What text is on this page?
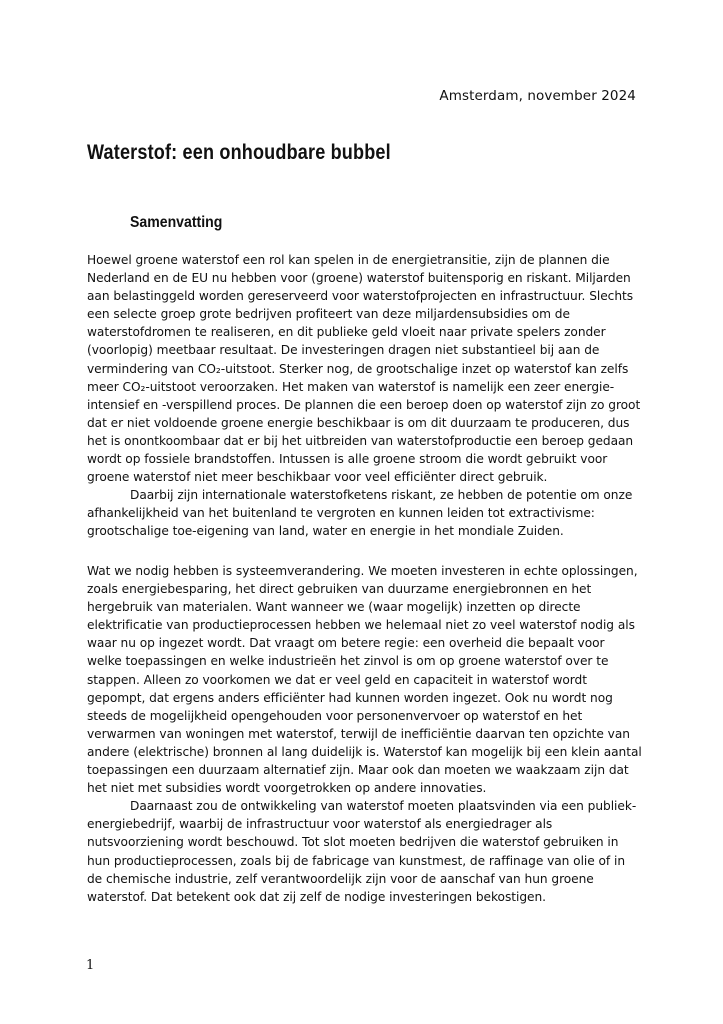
Amsterdam, november 2024
Waterstof: een onhoudbare bubbel
Samenvatting

Hoewel groene waterstof een rol kan spelen in de energietransitie, zijn de plannen die Nederland en de EU nu hebben voor (groene) waterstof buitensporig en riskant. Miljarden aan belastinggeld worden gereserveerd voor waterstofprojecten en infrastructuur. Slechts een selecte groep grote bedrijven profiteert van deze miljardensubsidies om de waterstofdromen te realiseren, en dit publieke geld vloeit naar private spelers zonder (voorlopig) meetbaar resultaat. De investeringen dragen niet substantieel bij aan de vermindering van CO₂-uitstoot. Sterker nog, de grootschalige inzet op waterstof kan zelfs meer CO₂-uitstoot veroorzaken. Het maken van waterstof is namelijk een zeer energie-intensief en -verspillend proces. De plannen die een beroep doen op waterstof zijn zo groot dat er niet voldoende groene energie beschikbaar is om dit duurzaam te produceren, dus het is onontkoombaar dat er bij het uitbreiden van waterstofproductie een beroep gedaan wordt op fossiele brandstoffen. Intussen is alle groene stroom die wordt gebruikt voor groene waterstof niet meer beschikbaar voor veel efficiënter direct gebruik.

Daarbij zijn internationale waterstofketens riskant, ze hebben de potentie om onze afhankelijkheid van het buitenland te vergroten en kunnen leiden tot extractivisme: grootschalige toe-eigening van land, water en energie in het mondiale Zuiden.

Wat we nodig hebben is systeemverandering. We moeten investeren in echte oplossingen, zoals energiebesparing, het direct gebruiken van duurzame energiebronnen en het hergebruik van materialen. Want wanneer we (waar mogelijk) inzetten op directe elektrificatie van productieprocessen hebben we helemaal niet zo veel waterstof nodig als waar nu op ingezet wordt. Dat vraagt om betere regie: een overheid die bepaalt voor welke toepassingen en welke industrieën het zinvol is om op groene waterstof over te stappen. Alleen zo voorkomen we dat er veel geld en capaciteit in waterstof wordt gepompt, dat ergens anders efficiënter had kunnen worden ingezet. Ook nu wordt nog steeds de mogelijkheid opengehouden voor personenvervoer op waterstof en het verwarmen van woningen met waterstof, terwijl de inefficiëntie daarvan ten opzichte van andere (elektrische) bronnen al lang duidelijk is. Waterstof kan mogelijk bij een klein aantal toepassingen een duurzaam alternatief zijn. Maar ook dan moeten we waakzaam zijn dat het niet met subsidies wordt voorgetrokken op andere innovaties.

Daarnaast zou de ontwikkeling van waterstof moeten plaatsvinden via een publiek-energiebedrijf, waarbij de infrastructuur voor waterstof als energiedrager als nutsvoorziening wordt beschouwd. Tot slot moeten bedrijven die waterstof gebruiken in hun productieprocessen, zoals bij de fabricage van kunstmest, de raffinage van olie of in de chemische industrie, zelf verantwoordelijk zijn voor de aanschaf van hun groene waterstof. Dat betekent ook dat zij zelf de nodige investeringen bekostigen.

1
